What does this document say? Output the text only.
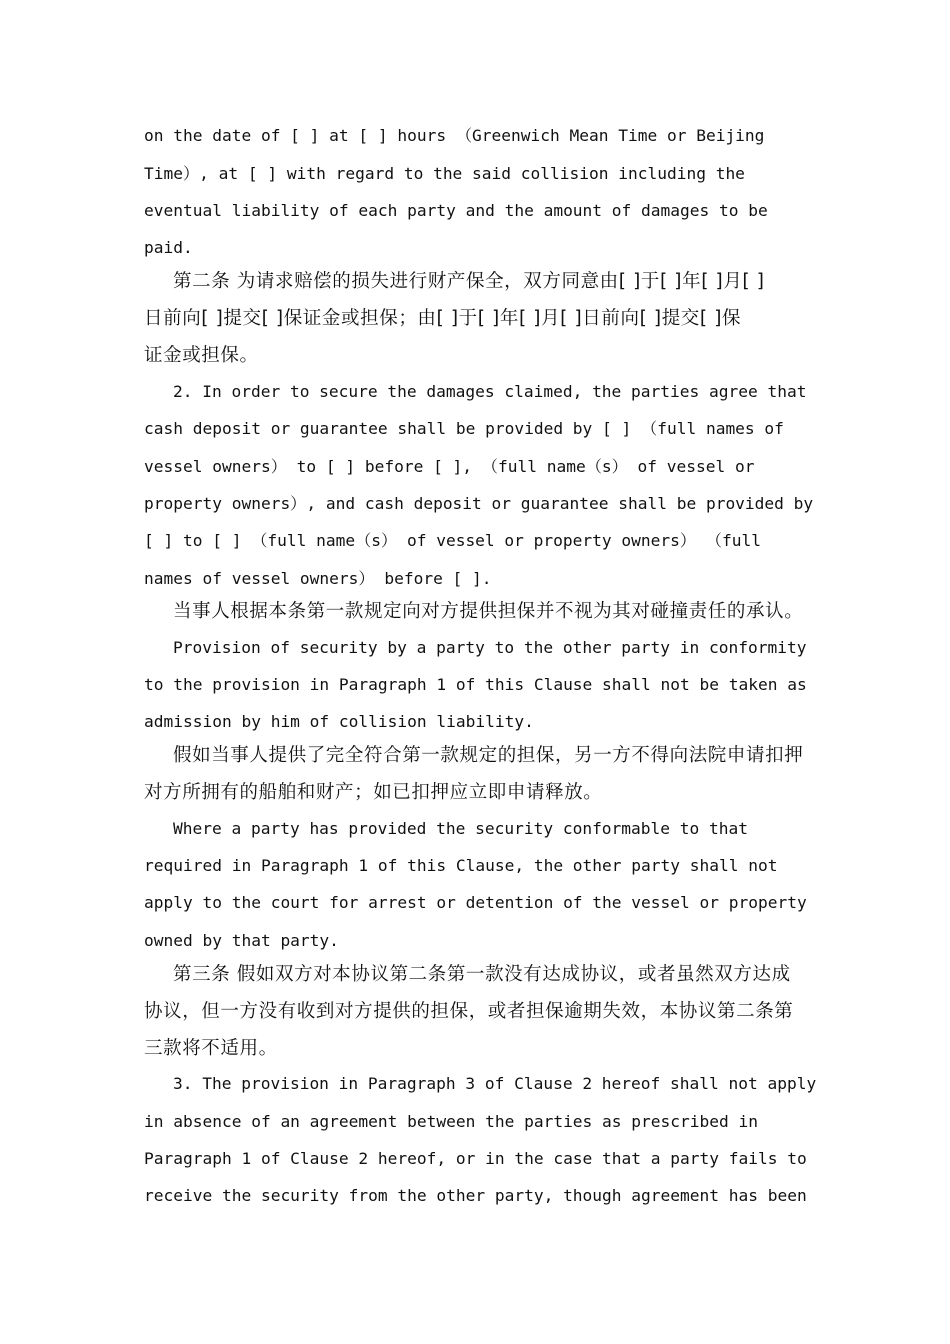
on the date of [ ] at [ ] hours （Greenwich Mean Time or Beijing
Time）, at [ ] with regard to the said collision including the
eventual liability of each party and the amount of damages to be
paid.
第二条 为请求赔偿的损失进行财产保全，双方同意由[ ]于[ ]年[ ]月[ ]
日前向[ ]提交[ ]保证金或担保；由[ ]于[ ]年[ ]月[ ]日前向[ ]提交[ ]保
证金或担保。
2. In order to secure the damages claimed, the parties agree that
cash deposit or guarantee shall be provided by [ ] （full names of
vessel owners） to [ ] before [ ], （full name（s） of vessel or
property owners）, and cash deposit or guarantee shall be provided by
[ ] to [ ] （full name（s） of vessel or property owners） （full
names of vessel owners） before [ ].
当事人根据本条第一款规定向对方提供担保并不视为其对碰撞责任的承认。
Provision of security by a party to the other party in conformity
to the provision in Paragraph 1 of this Clause shall not be taken as
admission by him of collision liability.
假如当事人提供了完全符合第一款规定的担保，另一方不得向法院申请扣押
对方所拥有的船舶和财产；如已扣押应立即申请释放。
Where a party has provided the security conformable to that
required in Paragraph 1 of this Clause, the other party shall not
apply to the court for arrest or detention of the vessel or property
owned by that party.
第三条 假如双方对本协议第二条第一款没有达成协议，或者虽然双方达成
协议，但一方没有收到对方提供的担保，或者担保逾期失效，本协议第二条第
三款将不适用。
3. The provision in Paragraph 3 of Clause 2 hereof shall not apply
in absence of an agreement between the parties as prescribed in
Paragraph 1 of Clause 2 hereof, or in the case that a party fails to
receive the security from the other party, though agreement has been
